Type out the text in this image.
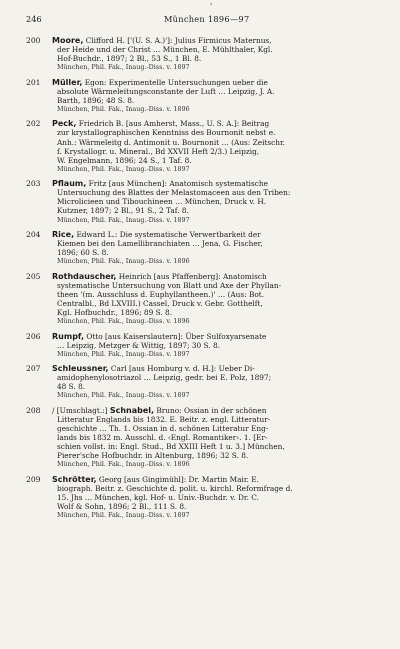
'
246	München 1896—97
200 Moore, Clifford H. ['(U. S. A.)']: Julius Firmicus Maternus,
der Heide und der Christ … München, E. Mühlthaler, Kgl.
Hof-Buchdr., 1897; 2 Bl., 53 S., 1 Bl. 8.
München, Phil. Fak., Inaug.-Diss. v. 1897
201 Müller, Egon: Experimentelle Untersuchungen ueber die
absolute Wärmeleitungsconstante der Luft … Leipzig, J. A.
Barth, 1896; 48 S. 8.
München, Phil. Fak., Inaug.-Diss. v. 1896
202 Peck, Friedrich B. [aus Amherst, Mass., U. S. A.]: Beitrag
zur krystallographischen Kenntniss des Bournonit nebst e.
Anh.: Wärmeleitg d. Antimonit u. Bournonit … (Aus: Zeitschr.
f. Krystallogr. u. Mineral., Bd XXVII Heft 2/3.) Leipzig,
W. Engelmann, 1896; 24 S., 1 Taf. 8.
München, Phil. Fak., Inaug.-Diss. v. 1897
203 Pflaum, Fritz [aus München]: Anatomisch systematische
Untersuchung des Blattes der Melastomaceen aus den Triben:
Microlicieen und Tibouchineen … München, Druck v. H.
Kutzner, 1897; 2 Bl., 91 S., 2 Taf. 8.
München, Phil. Fak., Inaug.-Diss. v. 1897
204 Rice, Edward L.: Die systematische Verwertbarkeit der
Kiemen bei den Lamellibranchiaten … Jena, G. Fischer,
1896; 60 S. 8.
München, Phil. Fak., Inaug.-Diss. v. 1896
205 Rothdauscher, Heinrich [aus Pfaffenberg]: Anatomisch
systematische Untersuchung von Blatt und Axe der Phyllan-
theen '(m. Ausschluss d. Euphyllantheen.)' … (Aus: Bot.
Centralbl., Bd LXVIII.) Cassel, Druck v. Gebr. Gotthelft,
Kgl. Hofbuchdr., 1896; 89 S. 8.
München, Phil. Fak., Inaug.-Diss. v. 1896
206 Rumpf, Otto [aus Kaiserslautern]: Über Sulfoxyarsenate
… Leipzig, Metzger & Wittig, 1897; 30 S. 8.
München, Phil. Fak., Inaug.-Diss. v. 1897
207 Schleussner, Carl [aus Homburg v. d. H.]: Ueber Di-
amidophenylosotriazol … Leipzig, gedr. bei E. Polz, 1897;
48 S. 8.
München, Phil. Fak., Inaug.-Diss. v. 1897
208 / [Umschlagt.:] Schnabel, Bruno: Ossian in der schönen
Litteratur Englands bis 1832. E. Beitr. z. engl. Litteratur-
geschichte … Th. 1. Ossian in d. schönen Litteratur Eng-
lands bis 1832 m. Ausschl. d. ‹Engl. Romantiker›. 1. [Er-
schien vollst. in: Engl. Stud., Bd XXIII Heft 1 u. 3.] München,
Pierer'sche Hofbuchdr. in Altenburg, 1896; 32 S. 8.
München, Phil. Fak., Inaug.-Diss. v. 1896
209 Schrötter, Georg [aus Gingimühl]: Dr. Martin Mair. E.
biograph. Beitr. z. Geschichte d. polit. u. kirchl. Reformfrage d.
15. Jhs … München, kgl. Hof- u. Univ.-Buchdr. v. Dr. C.
Wolf & Sohn, 1896; 2 Bl., 111 S. 8.
München, Phil. Fak., Inaug.-Diss. v. 1897
